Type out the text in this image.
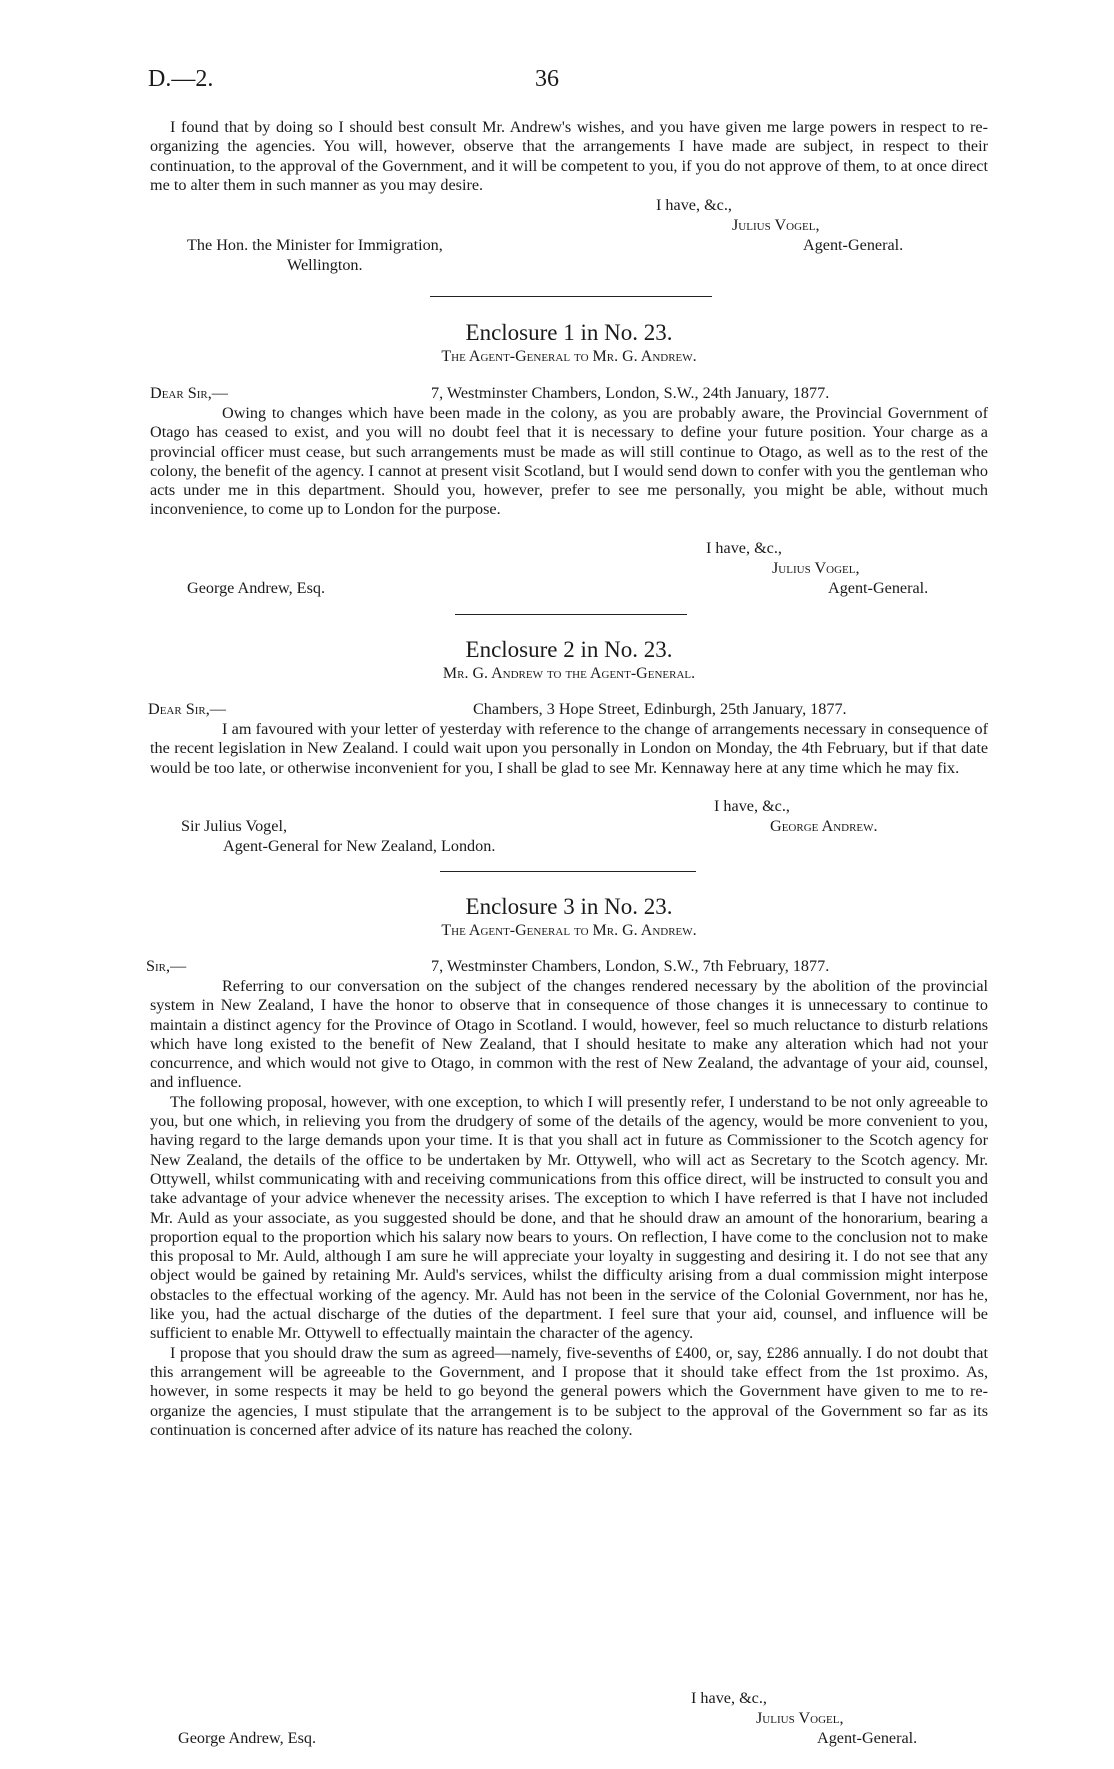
D.—2.	36

I found that by doing so I should best consult Mr. Andrew's wishes, and you have given me large powers in respect to re-organizing the agencies. You will, however, observe that the arrangements I have made are subject, in respect to their continuation, to the approval of the Government, and it will be competent to you, if you do not approve of them, to at once direct me to alter them in such manner as you may desire.

I have, &c.,
Julius Vogel,
The Hon. the Minister for Immigration,	Agent-General.
Wellington.

Enclosure 1 in No. 23.

The Agent-General to Mr. G. Andrew.

Dear Sir,—	7, Westminster Chambers, London, S.W., 24th January, 1877.

Owing to changes which have been made in the colony, as you are probably aware, the Provincial Government of Otago has ceased to exist, and you will no doubt feel that it is necessary to define your future position. Your charge as a provincial officer must cease, but such arrangements must be made as will still continue to Otago, as well as to the rest of the colony, the benefit of the agency. I cannot at present visit Scotland, but I would send down to confer with you the gentleman who acts under me in this department. Should you, however, prefer to see me personally, you might be able, without much inconvenience, to come up to London for the purpose.

I have, &c.,
Julius Vogel,
George Andrew, Esq.	Agent-General.

Enclosure 2 in No. 23.

Mr. G. Andrew to the Agent-General.

Dear Sir,—	Chambers, 3 Hope Street, Edinburgh, 25th January, 1877.

I am favoured with your letter of yesterday with reference to the change of arrangements necessary in consequence of the recent legislation in New Zealand. I could wait upon you personally in London on Monday, the 4th February, but if that date would be too late, or otherwise inconvenient for you, I shall be glad to see Mr. Kennaway here at any time which he may fix.

I have, &c.,
Sir Julius Vogel,	George Andrew.
Agent-General for New Zealand, London.

Enclosure 3 in No. 23.

The Agent-General to Mr. G. Andrew.

Sir,—	7, Westminster Chambers, London, S.W., 7th February, 1877.

Referring to our conversation on the subject of the changes rendered necessary by the abolition of the provincial system in New Zealand, I have the honor to observe that in consequence of those changes it is unnecessary to continue to maintain a distinct agency for the Province of Otago in Scotland. I would, however, feel so much reluctance to disturb relations which have long existed to the benefit of New Zealand, that I should hesitate to make any alteration which had not your concurrence, and which would not give to Otago, in common with the rest of New Zealand, the advantage of your aid, counsel, and influence.

The following proposal, however, with one exception, to which I will presently refer, I understand to be not only agreeable to you, but one which, in relieving you from the drudgery of some of the details of the agency, would be more convenient to you, having regard to the large demands upon your time. It is that you shall act in future as Commissioner to the Scotch agency for New Zealand, the details of the office to be undertaken by Mr. Ottywell, who will act as Secretary to the Scotch agency. Mr. Ottywell, whilst communicating with and receiving communications from this office direct, will be instructed to consult you and take advantage of your advice whenever the necessity arises. The exception to which I have referred is that I have not included Mr. Auld as your associate, as you suggested should be done, and that he should draw an amount of the honorarium, bearing a proportion equal to the proportion which his salary now bears to yours. On reflection, I have come to the conclusion not to make this proposal to Mr. Auld, although I am sure he will appreciate your loyalty in suggesting and desiring it. I do not see that any object would be gained by retaining Mr. Auld's services, whilst the difficulty arising from a dual commission might interpose obstacles to the effectual working of the agency. Mr. Auld has not been in the service of the Colonial Government, nor has he, like you, had the actual discharge of the duties of the department. I feel sure that your aid, counsel, and influence will be sufficient to enable Mr. Ottywell to effectually maintain the character of the agency.

I propose that you should draw the sum as agreed—namely, five-sevenths of £400, or, say, £286 annually. I do not doubt that this arrangement will be agreeable to the Government, and I propose that it should take effect from the 1st proximo. As, however, in some respects it may be held to go beyond the general powers which the Government have given to me to re-organize the agencies, I must stipulate that the arrangement is to be subject to the approval of the Government so far as its continuation is concerned after advice of its nature has reached the colony.

I have, &c.,
Julius Vogel,
George Andrew, Esq.	Agent-General.
